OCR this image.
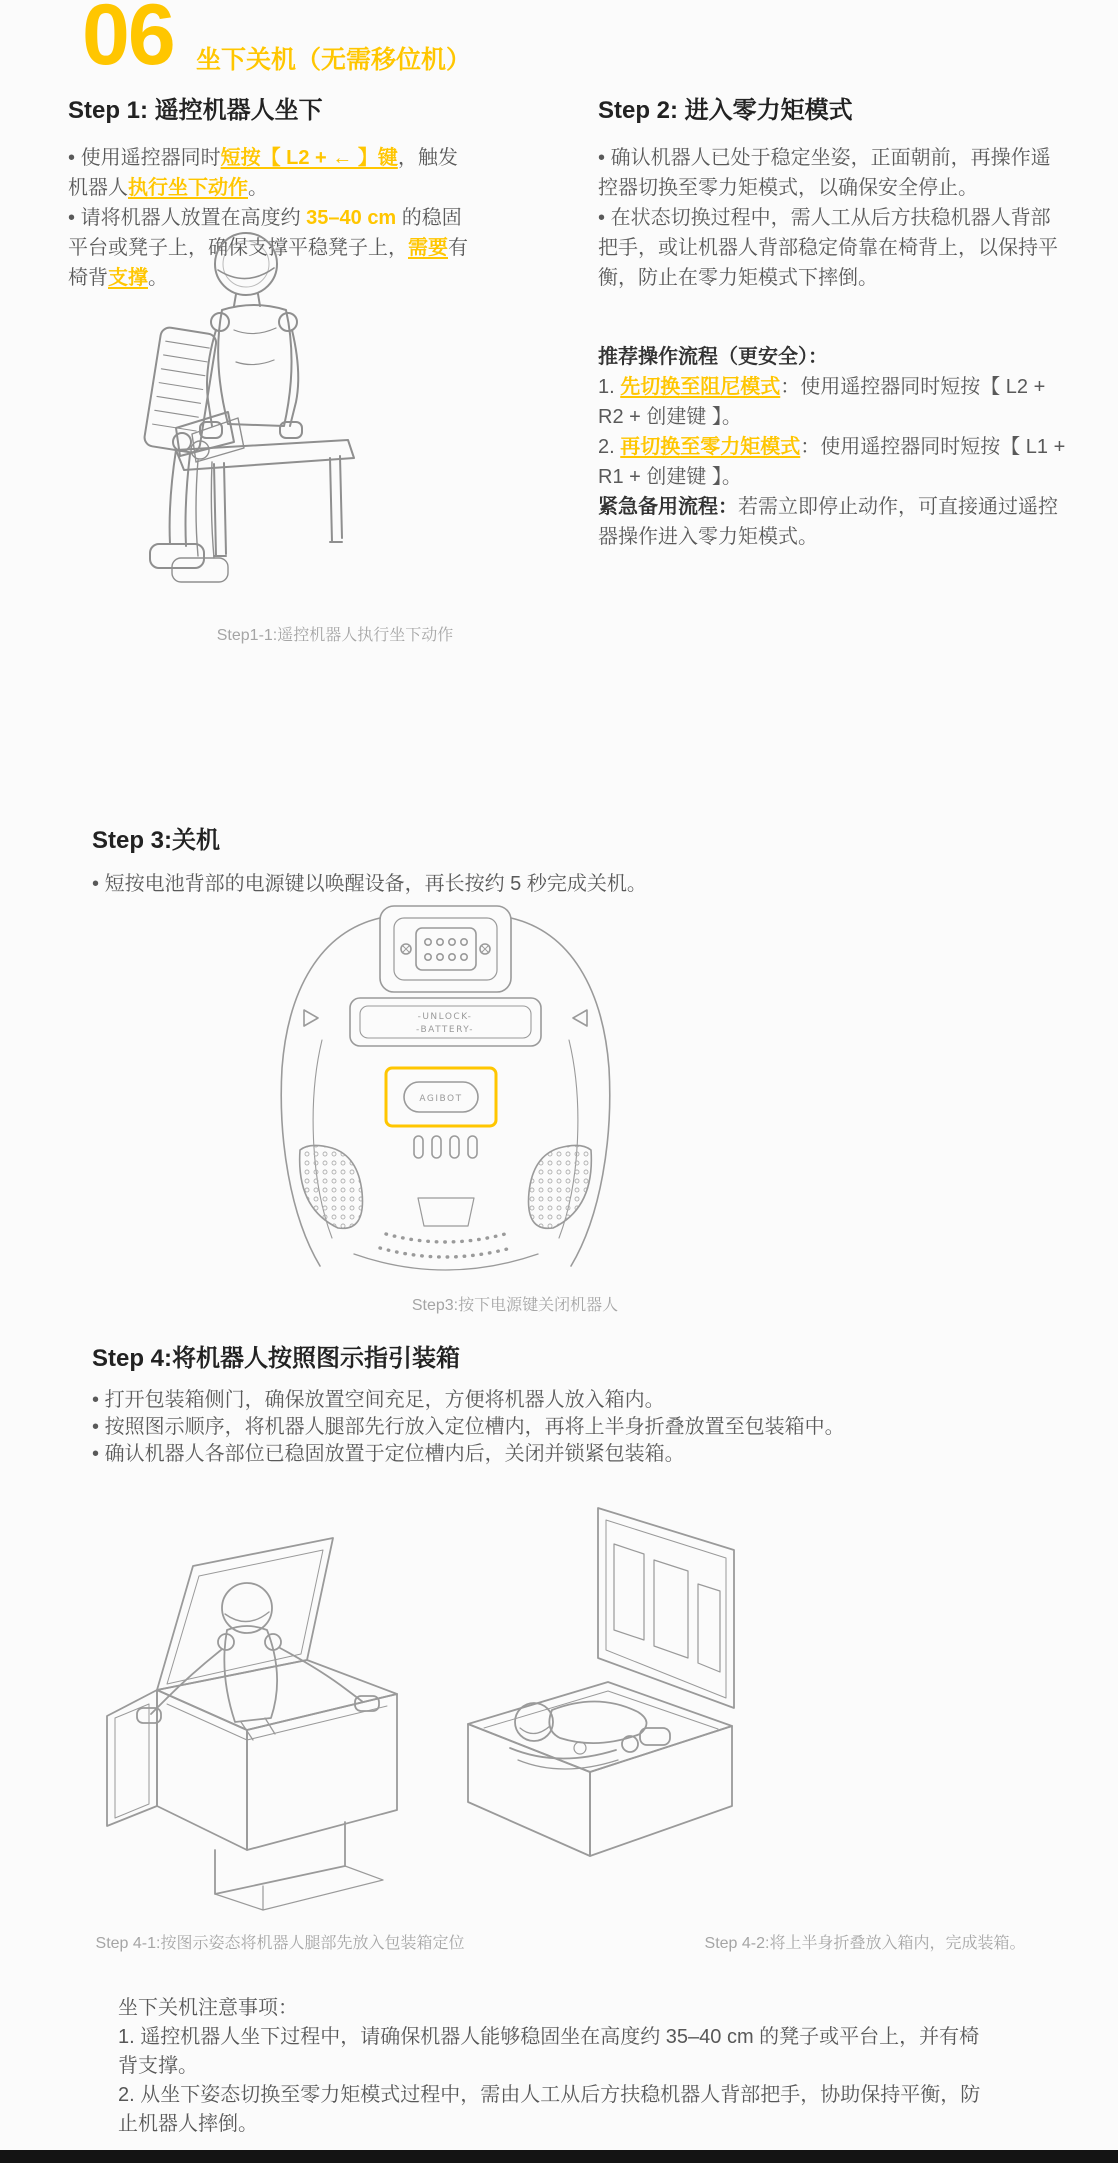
06 坐下关机（无需移位机）
Step 1: 遥控机器人坐下

• 使用遥控器同时短按【 L2 + ← 】键，触发机器人执行坐下动作。

• 请将机器人放置在高度约 35–40 cm 的稳固平台或凳子上，确保支撑平稳凳子上，需要有椅背支撑。

Step 2: 进入零力矩模式

• 确认机器人已处于稳定坐姿，正面朝前，再操作遥控器切换至零力矩模式，以确保安全停止。

• 在状态切换过程中，需人工从后方扶稳机器人背部把手，或让机器人背部稳定倚靠在椅背上，以保持平衡，防止在零力矩模式下摔倒。

推荐操作流程（更安全）：

1. 先切换至阻尼模式：使用遥控器同时短按【 L2 + R2 + 创建键 】。

2. 再切换至零力矩模式：使用遥控器同时短按【 L1 + R1 + 创建键 】。

紧急备用流程：若需立即停止动作，可直接通过遥控器操作进入零力矩模式。

Step1-1:遥控机器人执行坐下动作
Step 3:关机

• 短按电池背部的电源键以唤醒设备，再长按约 5 秒完成关机。

-UNLOCK-
-BATTERY-
AGIBOT
Step3:按下电源键关闭机器人
Step 4:将机器人按照图示指引装箱

• 打开包装箱侧门，确保放置空间充足，方便将机器人放入箱内。

• 按照图示顺序，将机器人腿部先行放入定位槽内，再将上半身折叠放置至包装箱中。

• 确认机器人各部位已稳固放置于定位槽内后，关闭并锁紧包装箱。

Step 4-1:按图示姿态将机器人腿部先放入包装箱定位	Step 4-2:将上半身折叠放入箱内，完成装箱。
坐下关机注意事项：

1. 遥控机器人坐下过程中，请确保机器人能够稳固坐在高度约 35–40 cm 的凳子或平台上，并有椅背支撑。

2. 从坐下姿态切换至零力矩模式过程中，需由人工从后方扶稳机器人背部把手，协助保持平衡，防止机器人摔倒。
